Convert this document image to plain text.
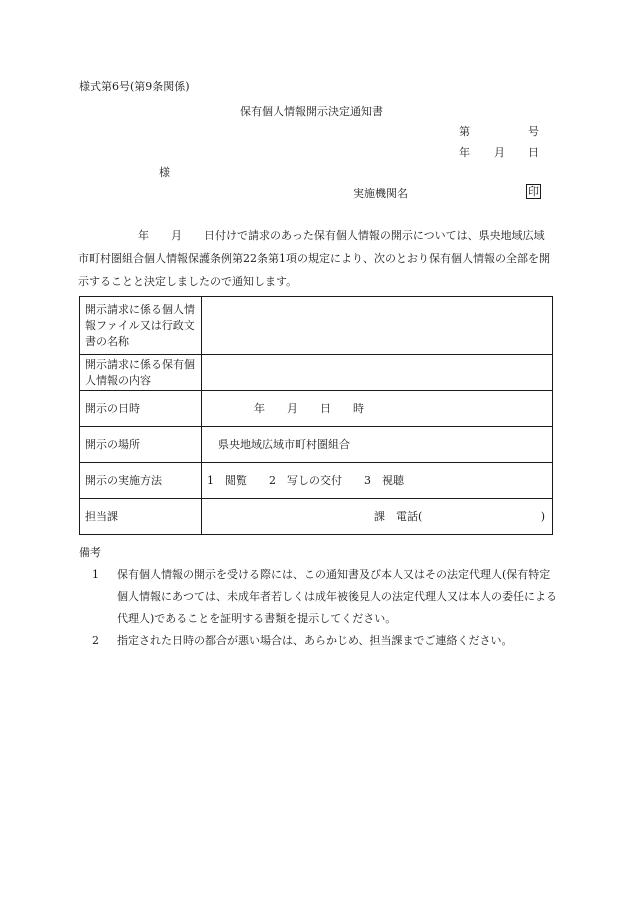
様式第6号(第9条関係)
保有個人情報開示決定通知書
第	号
年 月 日
様
実施機関名	印
年 月 日付けで請求のあった保有個人情報の開示については、県央地域広域市町村圏組合個人情報保護条例第22条第1項の規定により、次のとおり保有個人情報の全部を開示することと決定しましたので通知します。
開示請求に係る個人情報ファイル又は行政文書の名称	
開示請求に係る保有個人情報の内容	
開示の日時	年　　月　　日　　時
開示の場所	県央地域広域市町村圏組合
開示の実施方法	1　閲覧　　2　写しの交付　　3　視聴
担当課	課　電話( )
備考
1 保有個人情報の開示を受ける際には、この通知書及び本人又はその法定代理人(保有特定個人情報にあつては、未成年者若しくは成年被後見人の法定代理人又は本人の委任による代理人)であることを証明する書類を提示してください。
2 指定された日時の都合が悪い場合は、あらかじめ、担当課までご連絡ください。
